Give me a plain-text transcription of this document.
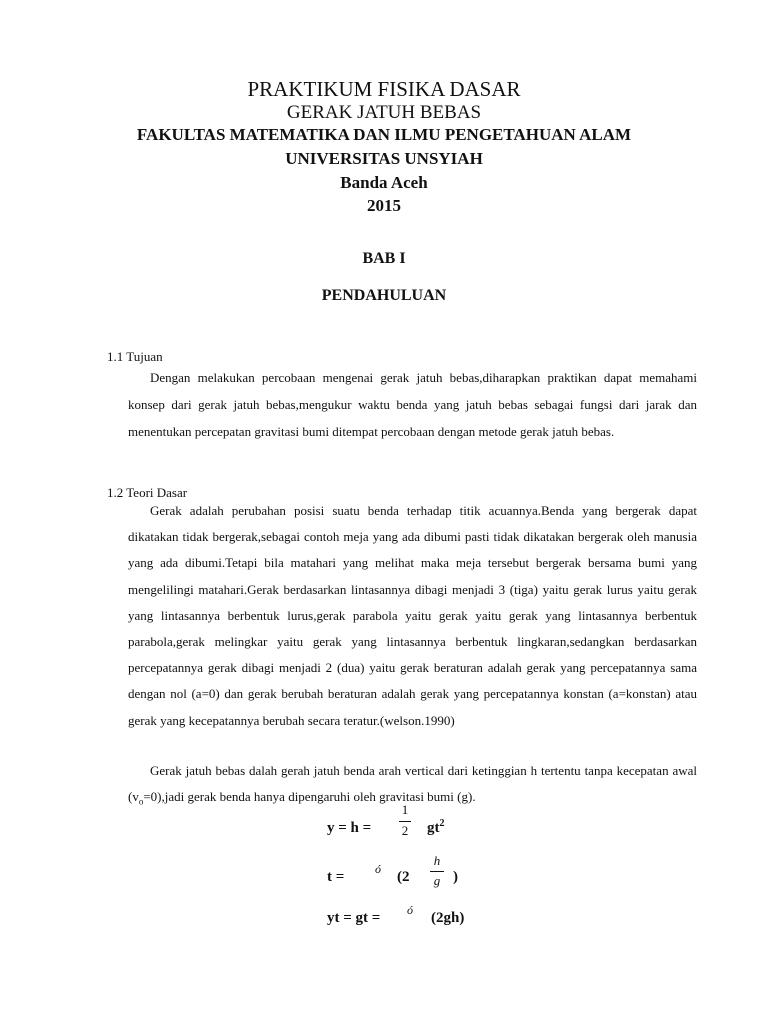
PRAKTIKUM FISIKA DASAR
GERAK JATUH BEBAS
FAKULTAS MATEMATIKA DAN ILMU PENGETAHUAN ALAM
UNIVERSITAS UNSYIAH
Banda Aceh
2015
BAB I
PENDAHULUAN
1.1 Tujuan

Dengan melakukan percobaan mengenai gerak jatuh bebas,diharapkan praktikan dapat memahami konsep dari gerak jatuh bebas,mengukur waktu benda yang jatuh bebas sebagai fungsi dari jarak dan menentukan percepatan gravitasi bumi ditempat percobaan dengan metode gerak jatuh bebas.

1.2 Teori Dasar

Gerak adalah perubahan posisi suatu benda terhadap titik acuannya.Benda yang bergerak dapat dikatakan tidak bergerak,sebagai contoh meja yang ada dibumi pasti tidak dikatakan bergerak oleh manusia yang ada dibumi.Tetapi bila matahari yang melihat maka meja tersebut bergerak bersama bumi yang mengelilingi matahari.Gerak berdasarkan lintasannya dibagi menjadi 3 (tiga) yaitu gerak lurus yaitu gerak yang lintasannya berbentuk lurus,gerak parabola yaitu gerak yaitu gerak yang lintasannya berbentuk parabola,gerak melingkar yaitu gerak yang lintasannya berbentuk lingkaran,sedangkan berdasarkan percepatannya gerak dibagi menjadi 2 (dua) yaitu gerak beraturan adalah gerak yang percepatannya sama dengan nol (a=0) dan gerak berubah beraturan adalah gerak yang percepatannya konstan (a=konstan) atau gerak yang kecepatannya berubah secara teratur.(welson.1990)

Gerak jatuh bebas dalah gerah jatuh benda arah vertical dari ketinggian h tertentu tanpa kecepatan awal $(v_o=0),jadi$ gerak benda hanya dipengaruhi oleh gravitasi bumi (g).

y = h =
1
2 $gt^2$
t =	ó (2
h
g )
yt = gt = ó (2gh)
